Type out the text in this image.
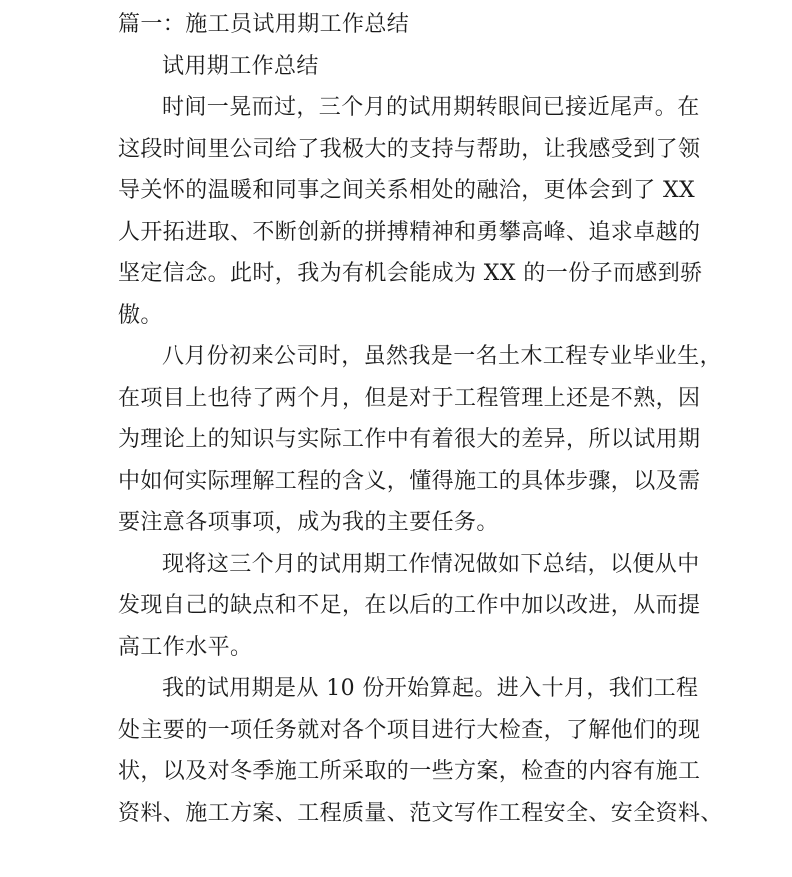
篇一：施工员试用期工作总结
试用期工作总结
时间一晃而过，三个月的试用期转眼间已接近尾声。在
这段时间里公司给了我极大的支持与帮助，让我感受到了领
导关怀的温暖和同事之间关系相处的融洽，更体会到了 XX
人开拓进取、不断创新的拼搏精神和勇攀高峰、追求卓越的
坚定信念。此时，我为有机会能成为 XX 的一份子而感到骄
傲。
八月份初来公司时，虽然我是一名土木工程专业毕业生，
在项目上也待了两个月，但是对于工程管理上还是不熟，因
为理论上的知识与实际工作中有着很大的差异，所以试用期
中如何实际理解工程的含义，懂得施工的具体步骤，以及需
要注意各项事项，成为我的主要任务。
现将这三个月的试用期工作情况做如下总结，以便从中
发现自己的缺点和不足，在以后的工作中加以改进，从而提
高工作水平。
我的试用期是从 10 份开始算起。进入十月，我们工程
处主要的一项任务就对各个项目进行大检查，了解他们的现
状，以及对冬季施工所采取的一些方案，检查的内容有施工
资料、施工方案、工程质量、范文写作工程安全、安全资料、
